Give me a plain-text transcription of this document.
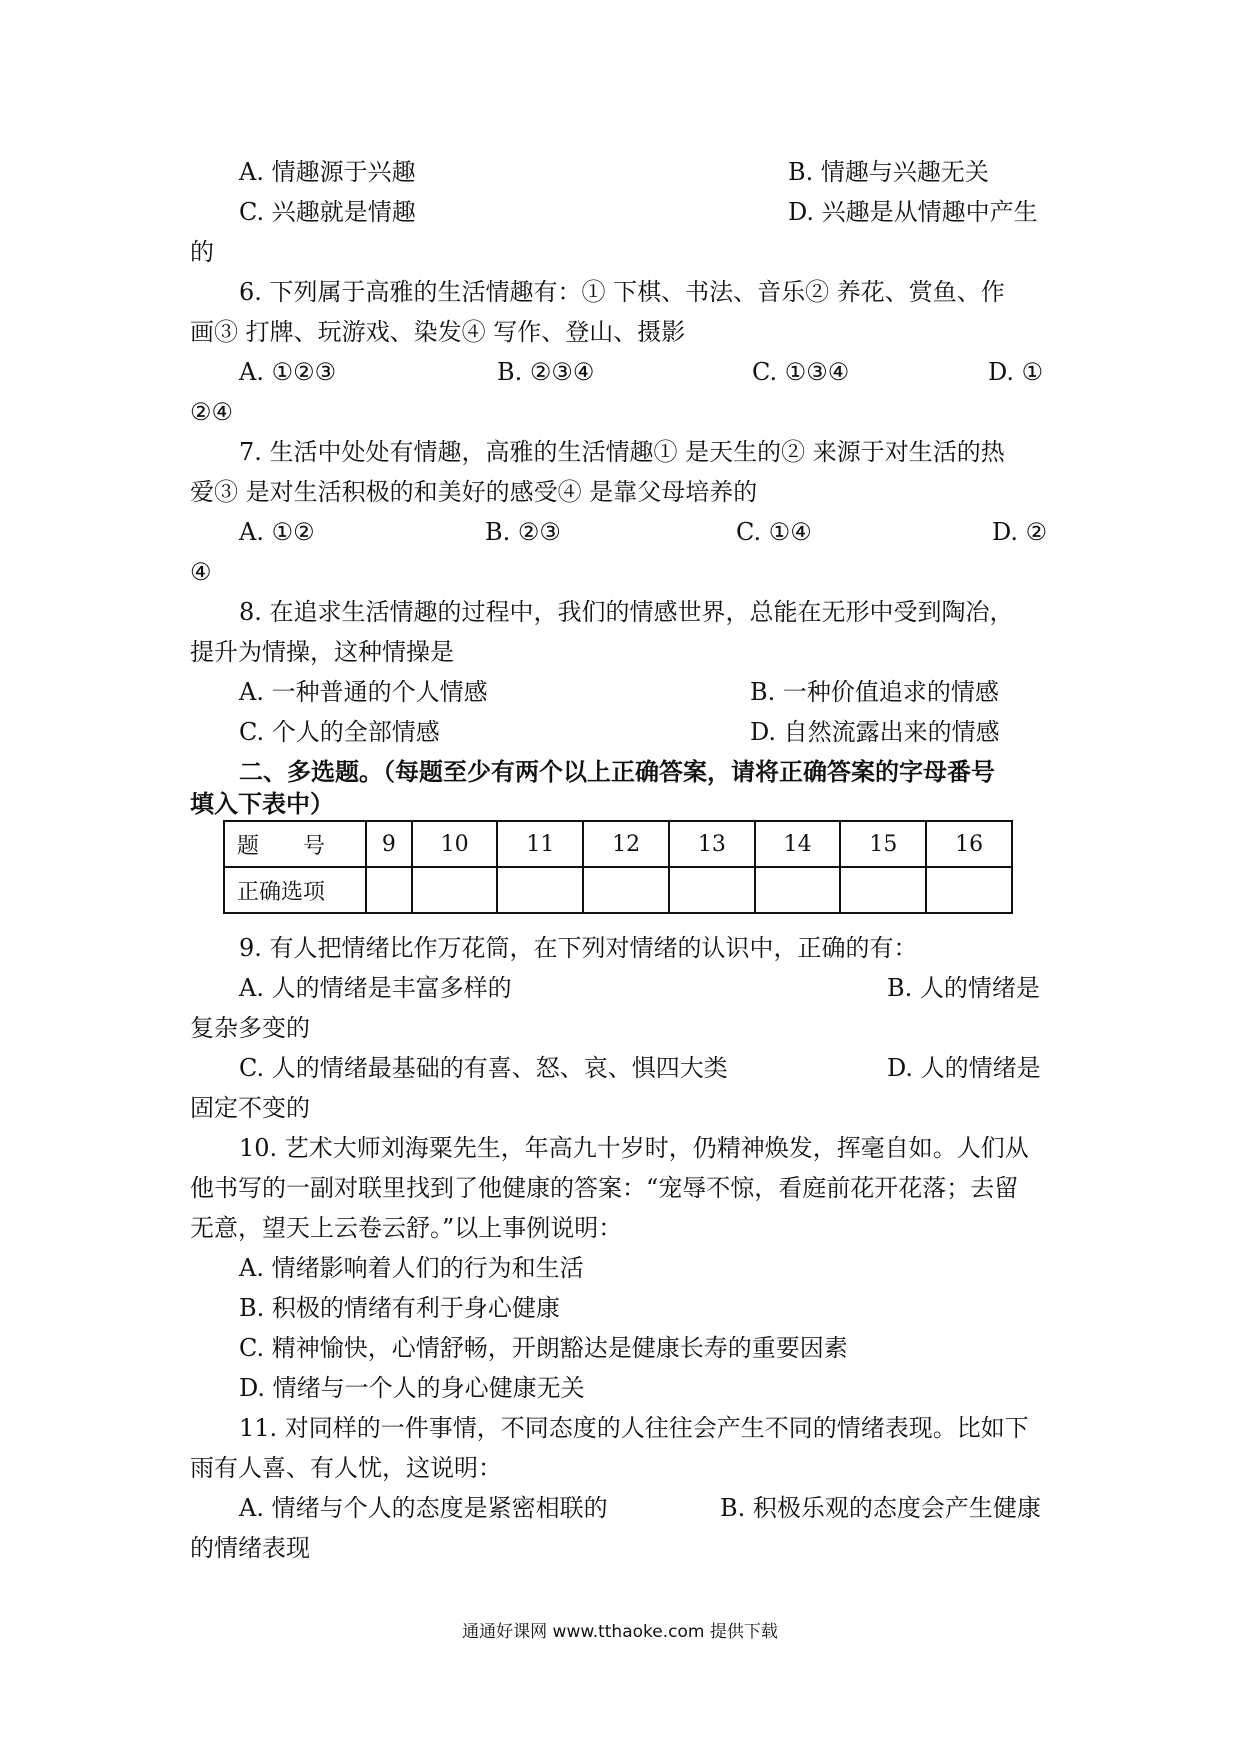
A. 情趣源于兴趣	B. 情趣与兴趣无关
C. 兴趣就是情趣	D. 兴趣是从情趣中产生
的
6. 下列属于高雅的生活情趣有：① 下棋、书法、音乐② 养花、赏鱼、作
画③ 打牌、玩游戏、染发④ 写作、登山、摄影
A. ①②③	B. ②③④	C. ①③④	D. ①
②④
7. 生活中处处有情趣，高雅的生活情趣① 是天生的② 来源于对生活的热
爱③ 是对生活积极的和美好的感受④ 是靠父母培养的
A. ①②	B. ②③	C. ①④	D. ②
④
8. 在追求生活情趣的过程中，我们的情感世界，总能在无形中受到陶冶，
提升为情操，这种情操是
A. 一种普通的个人情感	B. 一种价值追求的情感
C. 个人的全部情感	D. 自然流露出来的情感
二、多选题。（每题至少有两个以上正确答案，请将正确答案的字母番号
填入下表中）
题　　号	9	10	11	12	13	14	15	16
正确选项								
9. 有人把情绪比作万花筒，在下列对情绪的认识中，正确的有：
A. 人的情绪是丰富多样的	B. 人的情绪是
复杂多变的
C. 人的情绪最基础的有喜、怒、哀、惧四大类	D. 人的情绪是
固定不变的
10. 艺术大师刘海粟先生，年高九十岁时，仍精神焕发，挥毫自如。人们从
他书写的一副对联里找到了他健康的答案：“宠辱不惊，看庭前花开花落；去留
无意，望天上云卷云舒。”以上事例说明：
A. 情绪影响着人们的行为和生活
B. 积极的情绪有利于身心健康
C. 精神愉快，心情舒畅，开朗豁达是健康长寿的重要因素
D. 情绪与一个人的身心健康无关
11. 对同样的一件事情，不同态度的人往往会产生不同的情绪表现。比如下
雨有人喜、有人忧，这说明：
A. 情绪与个人的态度是紧密相联的	B. 积极乐观的态度会产生健康
的情绪表现
通通好课网 www.tthaoke.com 提供下载
